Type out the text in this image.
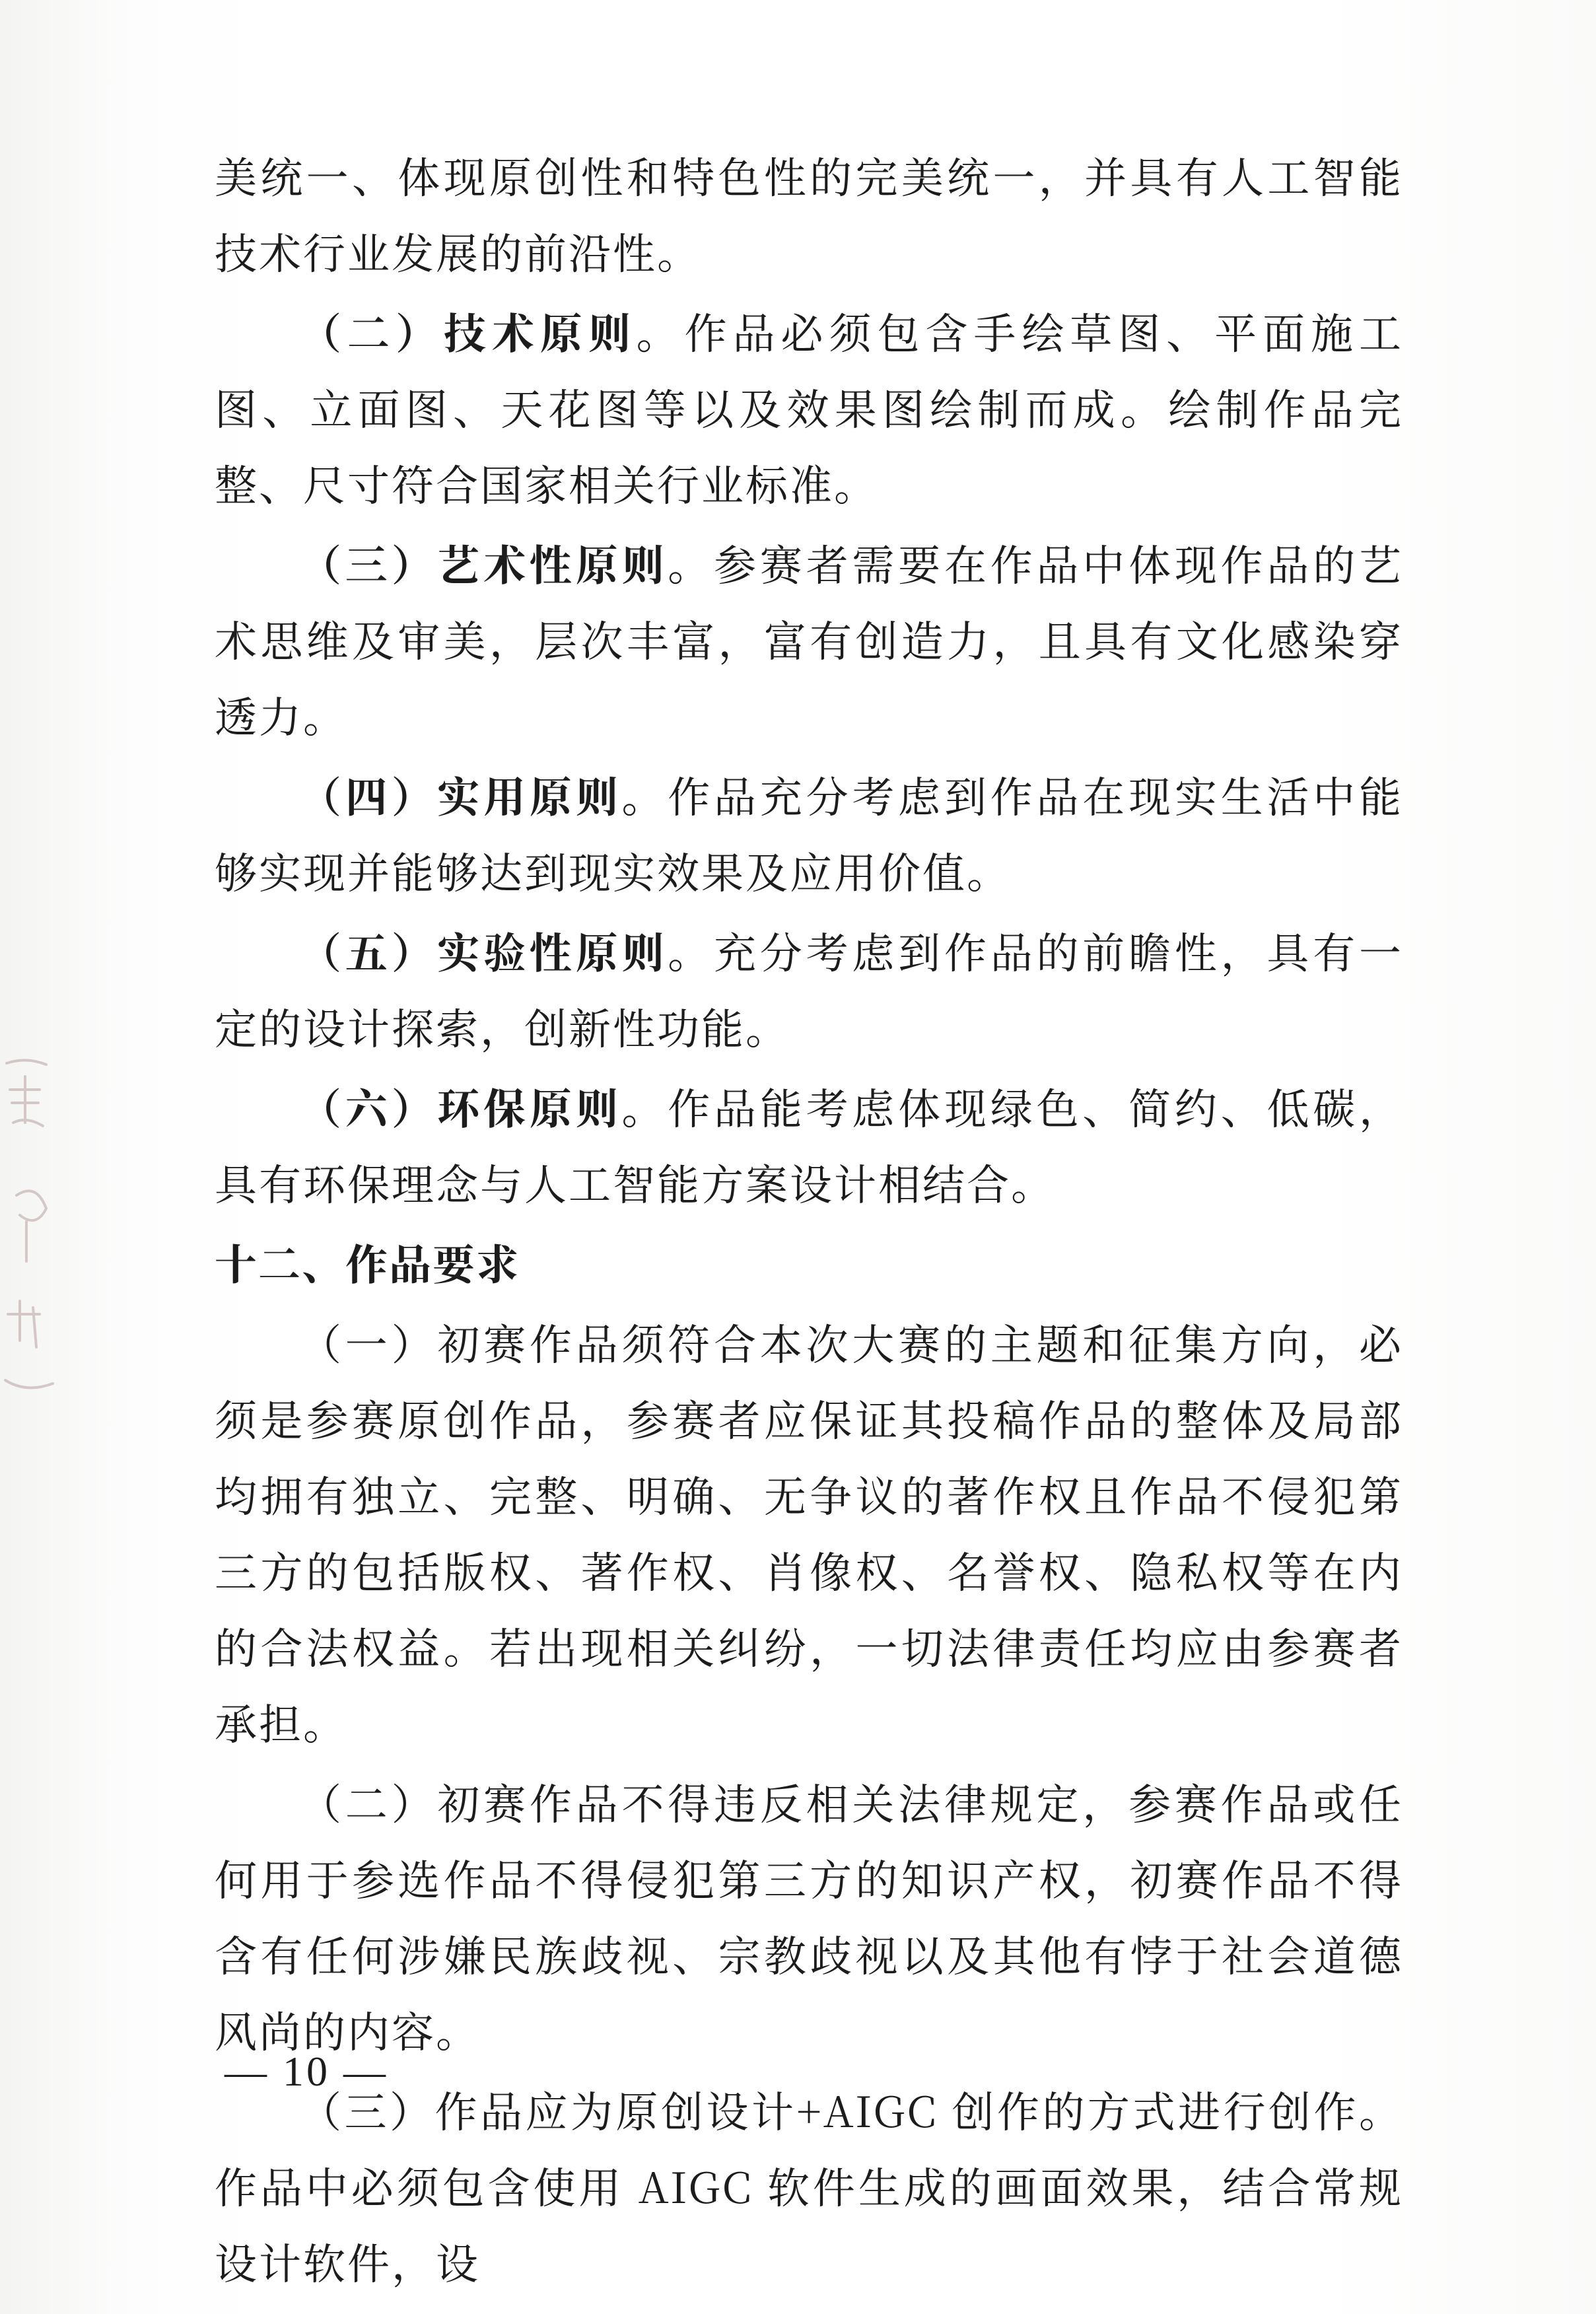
美统一、体现原创性和特色性的完美统一，并具有人工智能技术行业发展的前沿性。

（二）技术原则。作品必须包含手绘草图、平面施工图、立面图、天花图等以及效果图绘制而成。绘制作品完整、尺寸符合国家相关行业标准。

（三）艺术性原则。参赛者需要在作品中体现作品的艺术思维及审美，层次丰富，富有创造力，且具有文化感染穿透力。

（四）实用原则。作品充分考虑到作品在现实生活中能够实现并能够达到现实效果及应用价值。

（五）实验性原则。充分考虑到作品的前瞻性，具有一定的设计探索，创新性功能。

（六）环保原则。作品能考虑体现绿色、简约、低碳，具有环保理念与人工智能方案设计相结合。

十二、作品要求

（一）初赛作品须符合本次大赛的主题和征集方向，必须是参赛原创作品，参赛者应保证其投稿作品的整体及局部均拥有独立、完整、明确、无争议的著作权且作品不侵犯第三方的包括版权、著作权、肖像权、名誉权、隐私权等在内的合法权益。若出现相关纠纷，一切法律责任均应由参赛者承担。

（二）初赛作品不得违反相关法律规定，参赛作品或任何用于参选作品不得侵犯第三方的知识产权，初赛作品不得含有任何涉嫌民族歧视、宗教歧视以及其他有悖于社会道德风尚的内容。

（三）作品应为原创设计+AIGC 创作的方式进行创作。作品中必须包含使用 AIGC 软件生成的画面效果，结合常规设计软件，设

— 10 —
